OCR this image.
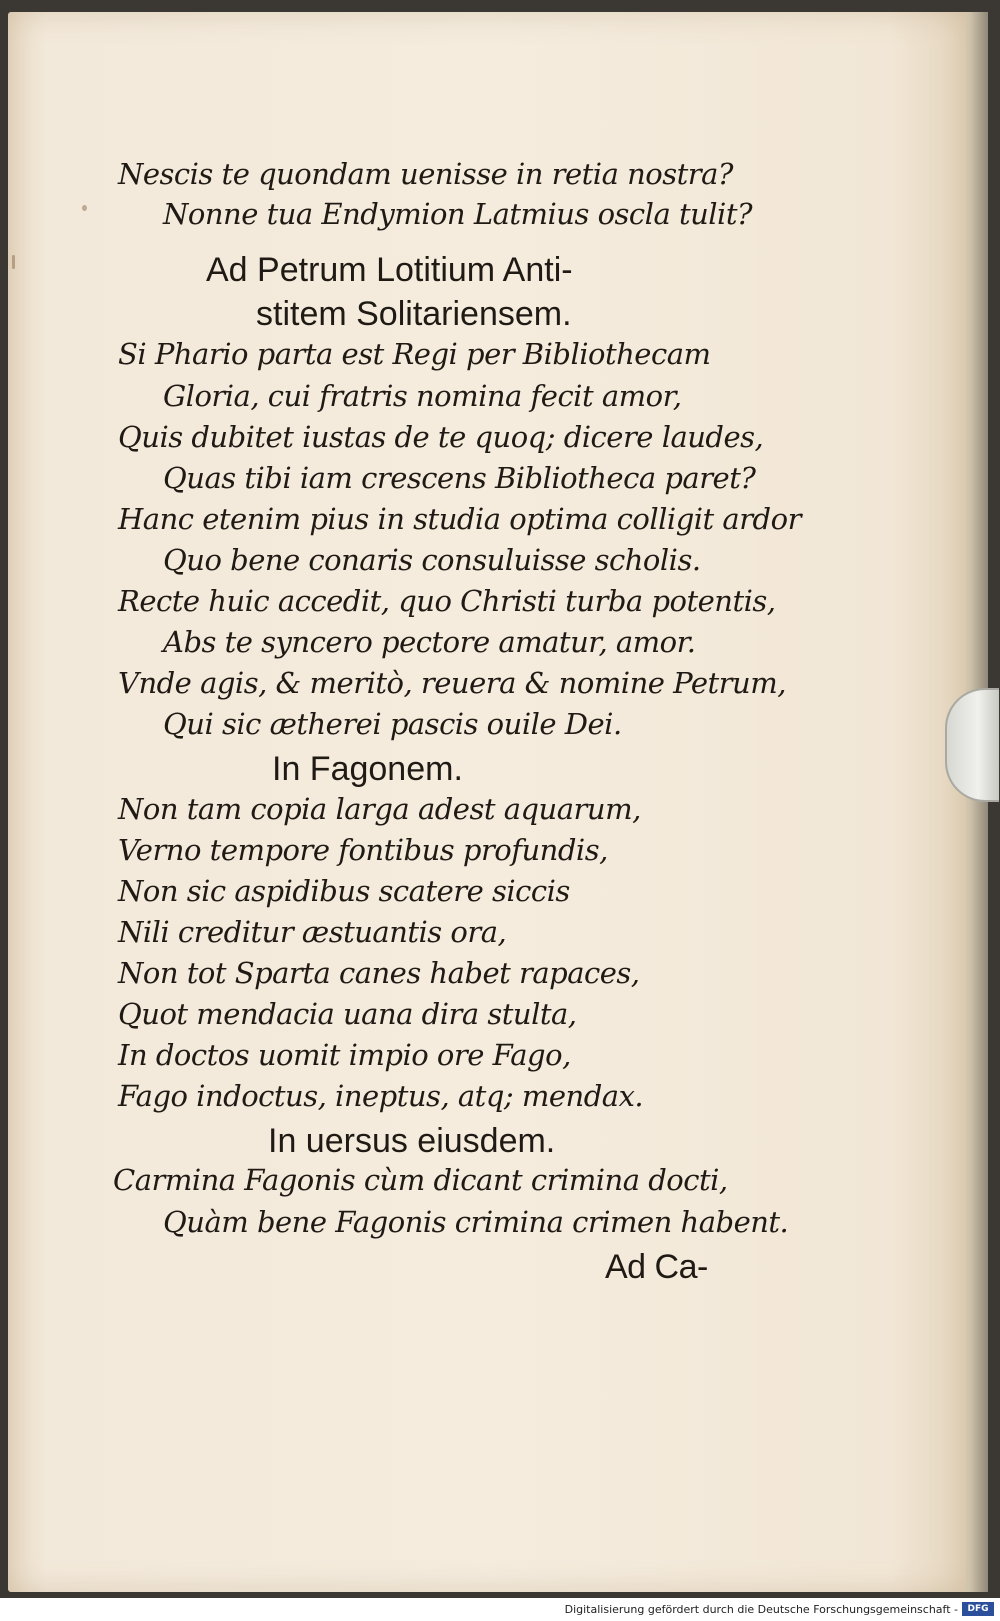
Nescis te quondam uenisse in retia nostra?
Nonne tua Endymion Latmius oscla tulit?
Ad Petrum Lotitium Anti-
stitem Solitariensem.
Si Phario parta est Regi per Bibliothecam
Gloria, cui fratris nomina fecit amor,
Quis dubitet iustas de te quoq; dicere laudes,
Quas tibi iam crescens Bibliotheca paret?
Hanc etenim pius in studia optima colligit ardor
Quo bene conaris consuluisse scholis.
Recte huic accedit, quo Christi turba potentis,
Abs te syncero pectore amatur, amor.
Vnde agis, & meritò, reuera & nomine Petrum,
Qui sic ætherei pascis ouile Dei.
In Fagonem.
Non tam copia larga adest aquarum,
Verno tempore fontibus profundis,
Non sic aspidibus scatere siccis
Nili creditur æstuantis ora,
Non tot Sparta canes habet rapaces,
Quot mendacia uana dira stulta,
In doctos uomit impio ore Fago,
Fago indoctus, ineptus, atq; mendax.
In uersus eiusdem.
Carmina Fagonis cùm dicant crimina docti,
Quàm bene Fagonis crimina crimen habent.
Ad Ca-
Digitalisierung gefördert durch die Deutsche Forschungsgemeinschaft -	DFG
